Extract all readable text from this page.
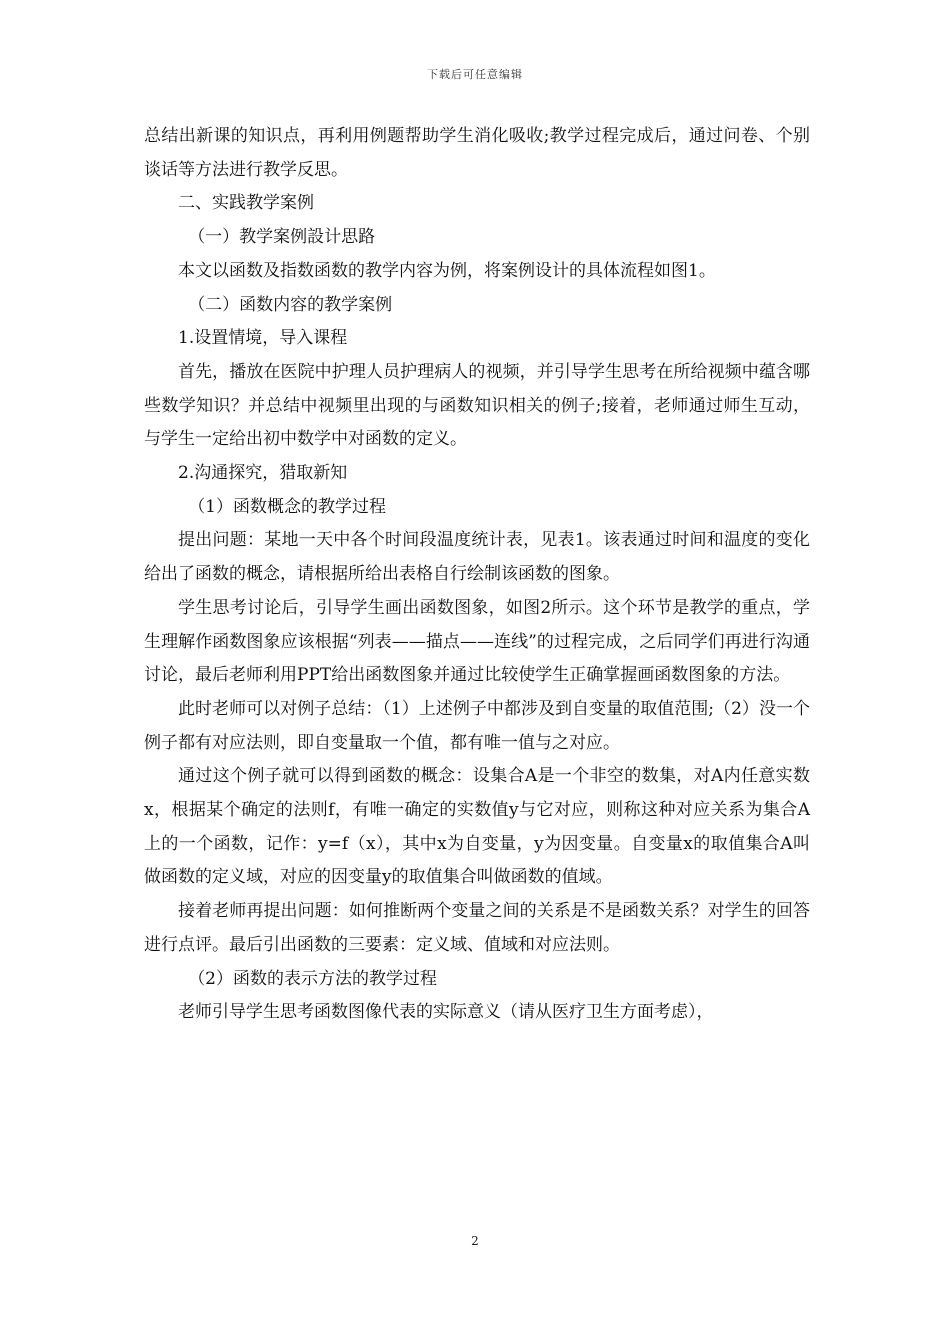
下载后可任意编辑

总结出新课的知识点，再利用例题帮助学生消化吸收;教学过程完成后，通过问卷、个别谈话等方法进行教学反思。

二、实践教学案例

（一）教学案例設计思路

本文以函数及指数函数的教学内容为例，将案例设计的具体流程如图1。

（二）函数内容的教学案例

1.设置情境，导入课程

首先，播放在医院中护理人员护理病人的视频，并引导学生思考在所给视频中蕴含哪些数学知识？并总结中视频里出现的与函数知识相关的例子;接着，老师通过师生互动，与学生一定给出初中数学中对函数的定义。

2.沟通探究，猎取新知

（1）函数概念的教学过程

提出问题：某地一天中各个时间段温度统计表，见表1。该表通过时间和温度的变化给出了函数的概念，请根据所给出表格自行绘制该函数的图象。

学生思考讨论后，引导学生画出函数图象，如图2所示。这个环节是教学的重点，学生理解作函数图象应该根据“列表——描点——连线”的过程完成，之后同学们再进行沟通讨论，最后老师利用PPT给出函数图象并通过比较使学生正确掌握画函数图象的方法。

此时老师可以对例子总结：（1）上述例子中都涉及到自变量的取值范围;（2）没一个例子都有对应法则，即自变量取一个值，都有唯一值与之对应。

通过这个例子就可以得到函数的概念：设集合A是一个非空的数集，对A内任意实数x，根据某个确定的法则f，有唯一确定的实数值y与它对应，则称这种对应关系为集合A上的一个函数，记作：y=f（x），其中x为自变量，y为因变量。自变量x的取值集合A叫做函数的定义域，对应的因变量y的取值集合叫做函数的值域。

接着老师再提出问题：如何推断两个变量之间的关系是不是函数关系？对学生的回答进行点评。最后引出函数的三要素：定义域、值域和对应法则。

（2）函数的表示方法的教学过程

老师引导学生思考函数图像代表的实际意义（请从医疗卫生方面考虑），

2
